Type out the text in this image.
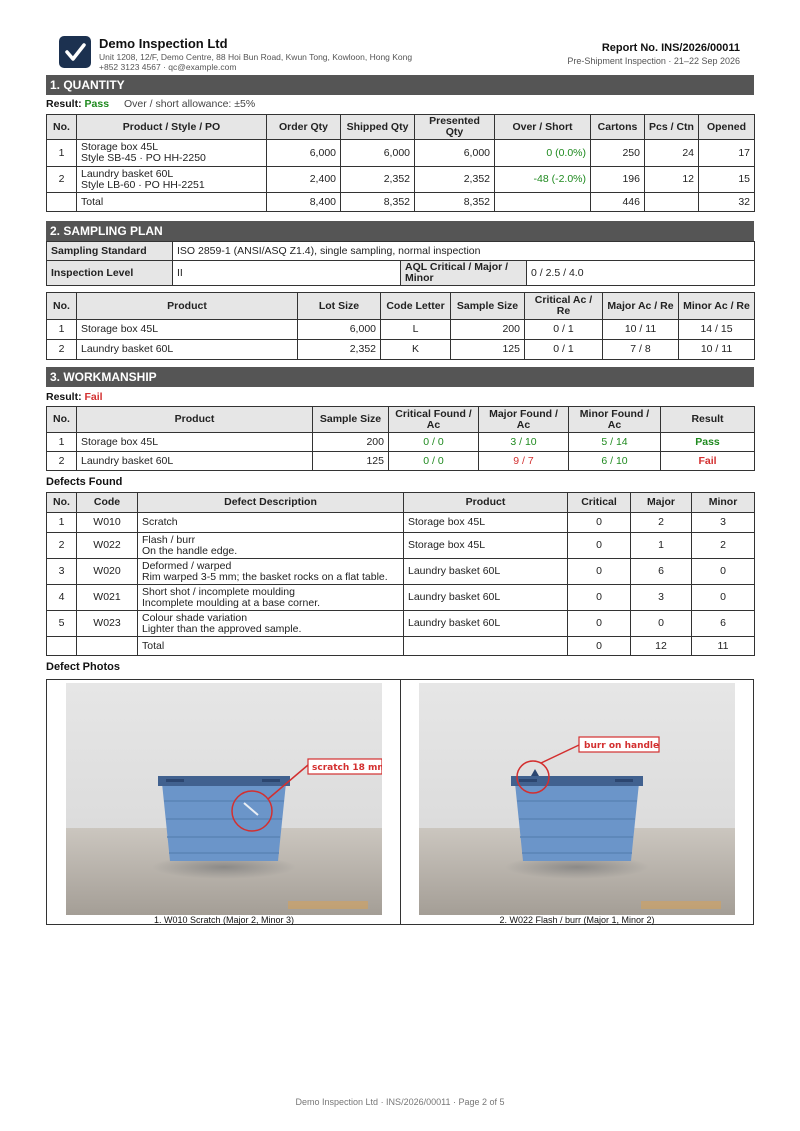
Demo Inspection Ltd
Unit 1208, 12/F, Demo Centre, 88 Hoi Bun Road, Kwun Tong, Kowloon, Hong Kong
+852 3123 4567 · qc@example.com
Report No. INS/2026/00011
Pre-Shipment Inspection · 21–22 Sep 2026
1. QUANTITY
Result: Pass Over / short allowance: ±5%
No.	Product / Style / PO	Order Qty	Shipped Qty	Presented Qty	Over / Short	Cartons	Pcs / Ctn	Opened
1	Storage box 45L
Style SB-45 · PO HH-2250	6,000	6,000	6,000	0 (0.0%)	250	24	17
2	Laundry basket 60L
Style LB-60 · PO HH-2251	2,400	2,352	2,352	-48 (-2.0%)	196	12	15
	Total	8,400	8,352	8,352		446		32
2. SAMPLING PLAN
Sampling Standard	ISO 2859-1 (ANSI/ASQ Z1.4), single sampling, normal inspection		
Inspection Level	II	AQL Critical / Major / Minor	0 / 2.5 / 4.0
No.	Product	Lot Size	Code Letter	Sample Size	Critical Ac / Re	Major Ac / Re	Minor Ac / Re
1	Storage box 45L	6,000	L	200	0 / 1	10 / 11	14 / 15
2	Laundry basket 60L	2,352	K	125	0 / 1	7 / 8	10 / 11
3. WORKMANSHIP
Result: Fail
No.	Product	Sample Size	Critical Found / Ac	Major Found / Ac	Minor Found / Ac	Result
1	Storage box 45L	200	0 / 0	3 / 10	5 / 14	Pass
2	Laundry basket 60L	125	0 / 0	9 / 7	6 / 10	Fail
Defects Found
No.	Code	Defect Description	Product	Critical	Major	Minor
1	W010	Scratch	Storage box 45L	0	2	3
2	W022	Flash / burr
On the handle edge.	Storage box 45L	0	1	2
3	W020	Deformed / warped
Rim warped 3-5 mm; the basket rocks on a flat table.	Laundry basket 60L	0	6	0
4	W021	Short shot / incomplete moulding
Incomplete moulding at a base corner.	Laundry basket 60L	0	3	0
5	W023	Colour shade variation
Lighter than the approved sample.	Laundry basket 60L	0	0	6
		Total		0	12	11
Defect Photos
scratch 18 mm
1. W010 Scratch (Major 2, Minor 3)
burr on handle
2. W022 Flash / burr (Major 1, Minor 2)
Demo Inspection Ltd · INS/2026/00011 · Page 2 of 5
